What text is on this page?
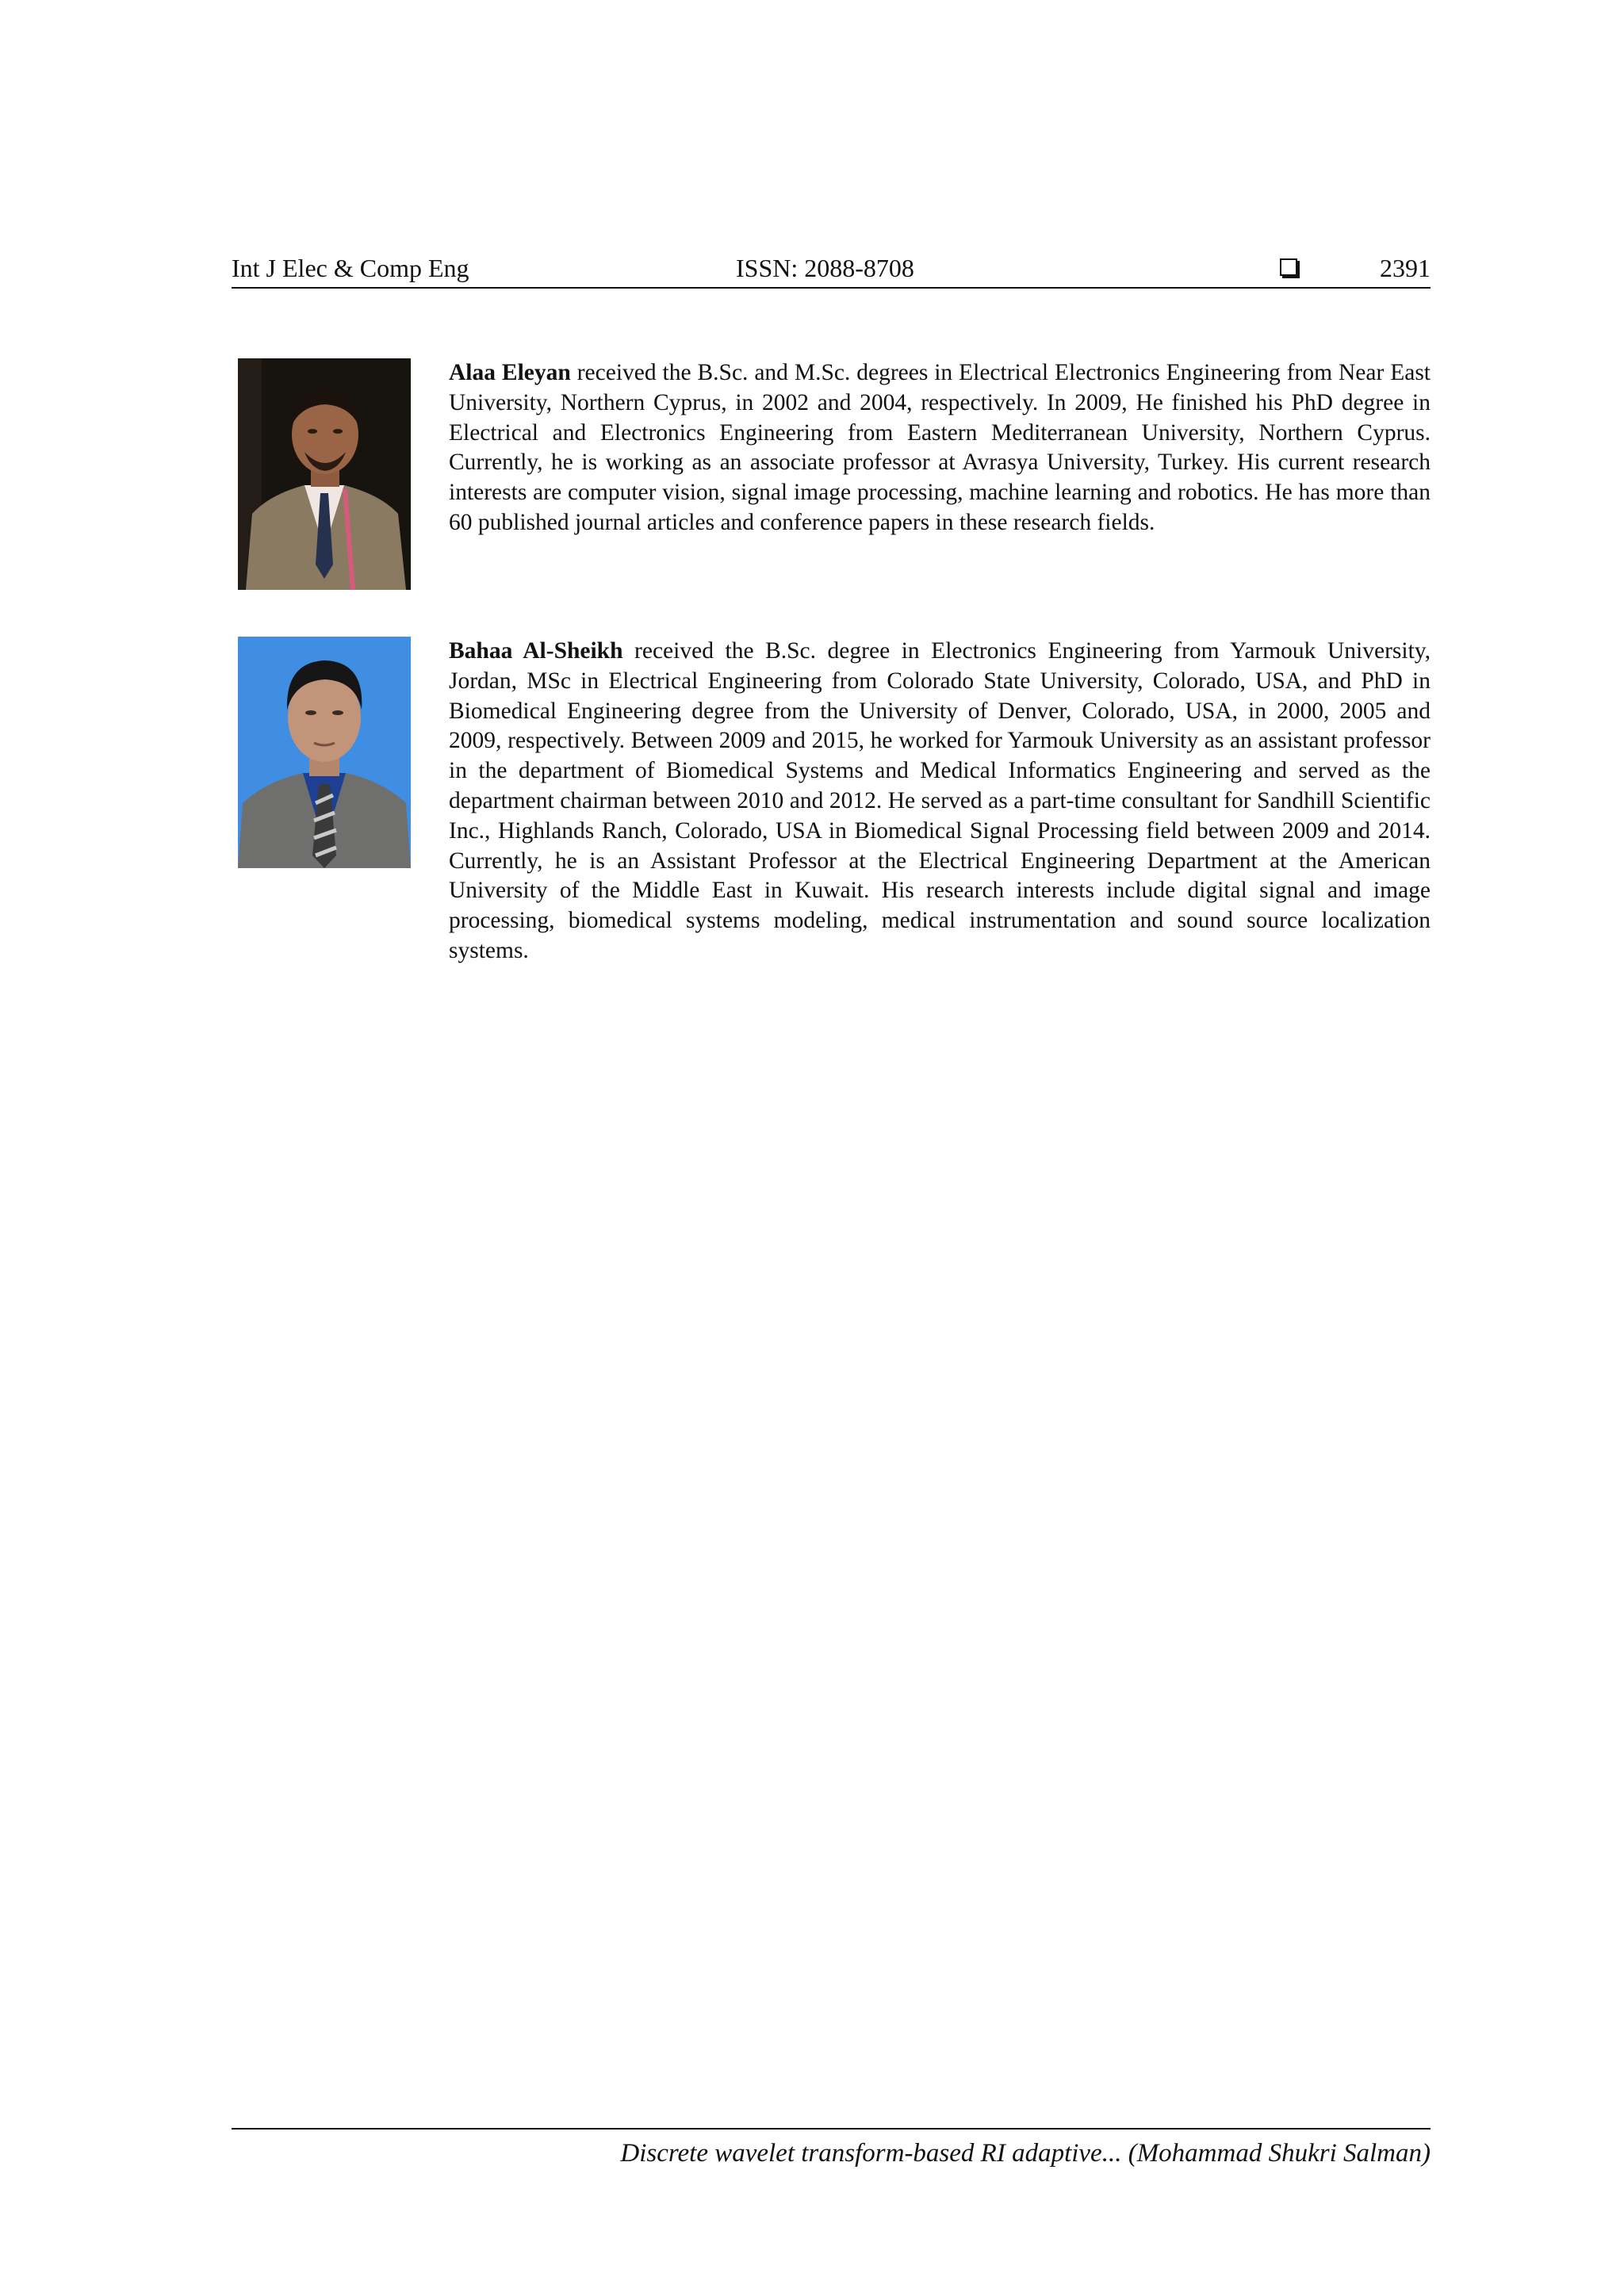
Int J Elec & Comp Eng	ISSN: 2088-8708	2391
Alaa Eleyan received the B.Sc. and M.Sc. degrees in Electrical Electronics Engineering from Near East University, Northern Cyprus, in 2002 and 2004, respectively. In 2009, He finished his PhD degree in Electrical and Electronics Engineering from Eastern Mediterranean University, Northern Cyprus. Currently, he is working as an associate professor at Avrasya University, Turkey. His current research interests are computer vision, signal image processing, machine learning and robotics. He has more than 60 published journal articles and conference papers in these research fields.
Bahaa Al-Sheikh received the B.Sc. degree in Electronics Engineering from Yarmouk University, Jordan, MSc in Electrical Engineering from Colorado State University, Colorado, USA, and PhD in Biomedical Engineering degree from the University of Denver, Colorado, USA, in 2000, 2005 and 2009, respectively. Between 2009 and 2015, he worked for Yarmouk University as an assistant professor in the department of Biomedical Systems and Medical Informatics Engineering and served as the department chairman between 2010 and 2012. He served as a part-time consultant for Sandhill Scientific Inc., Highlands Ranch, Colorado, USA in Biomedical Signal Processing field between 2009 and 2014. Currently, he is an Assistant Professor at the Electrical Engineering Department at the American University of the Middle East in Kuwait. His research interests include digital signal and image processing, biomedical systems modeling, medical instrumentation and sound source localization systems.
Discrete wavelet transform-based RI adaptive... (Mohammad Shukri Salman)
